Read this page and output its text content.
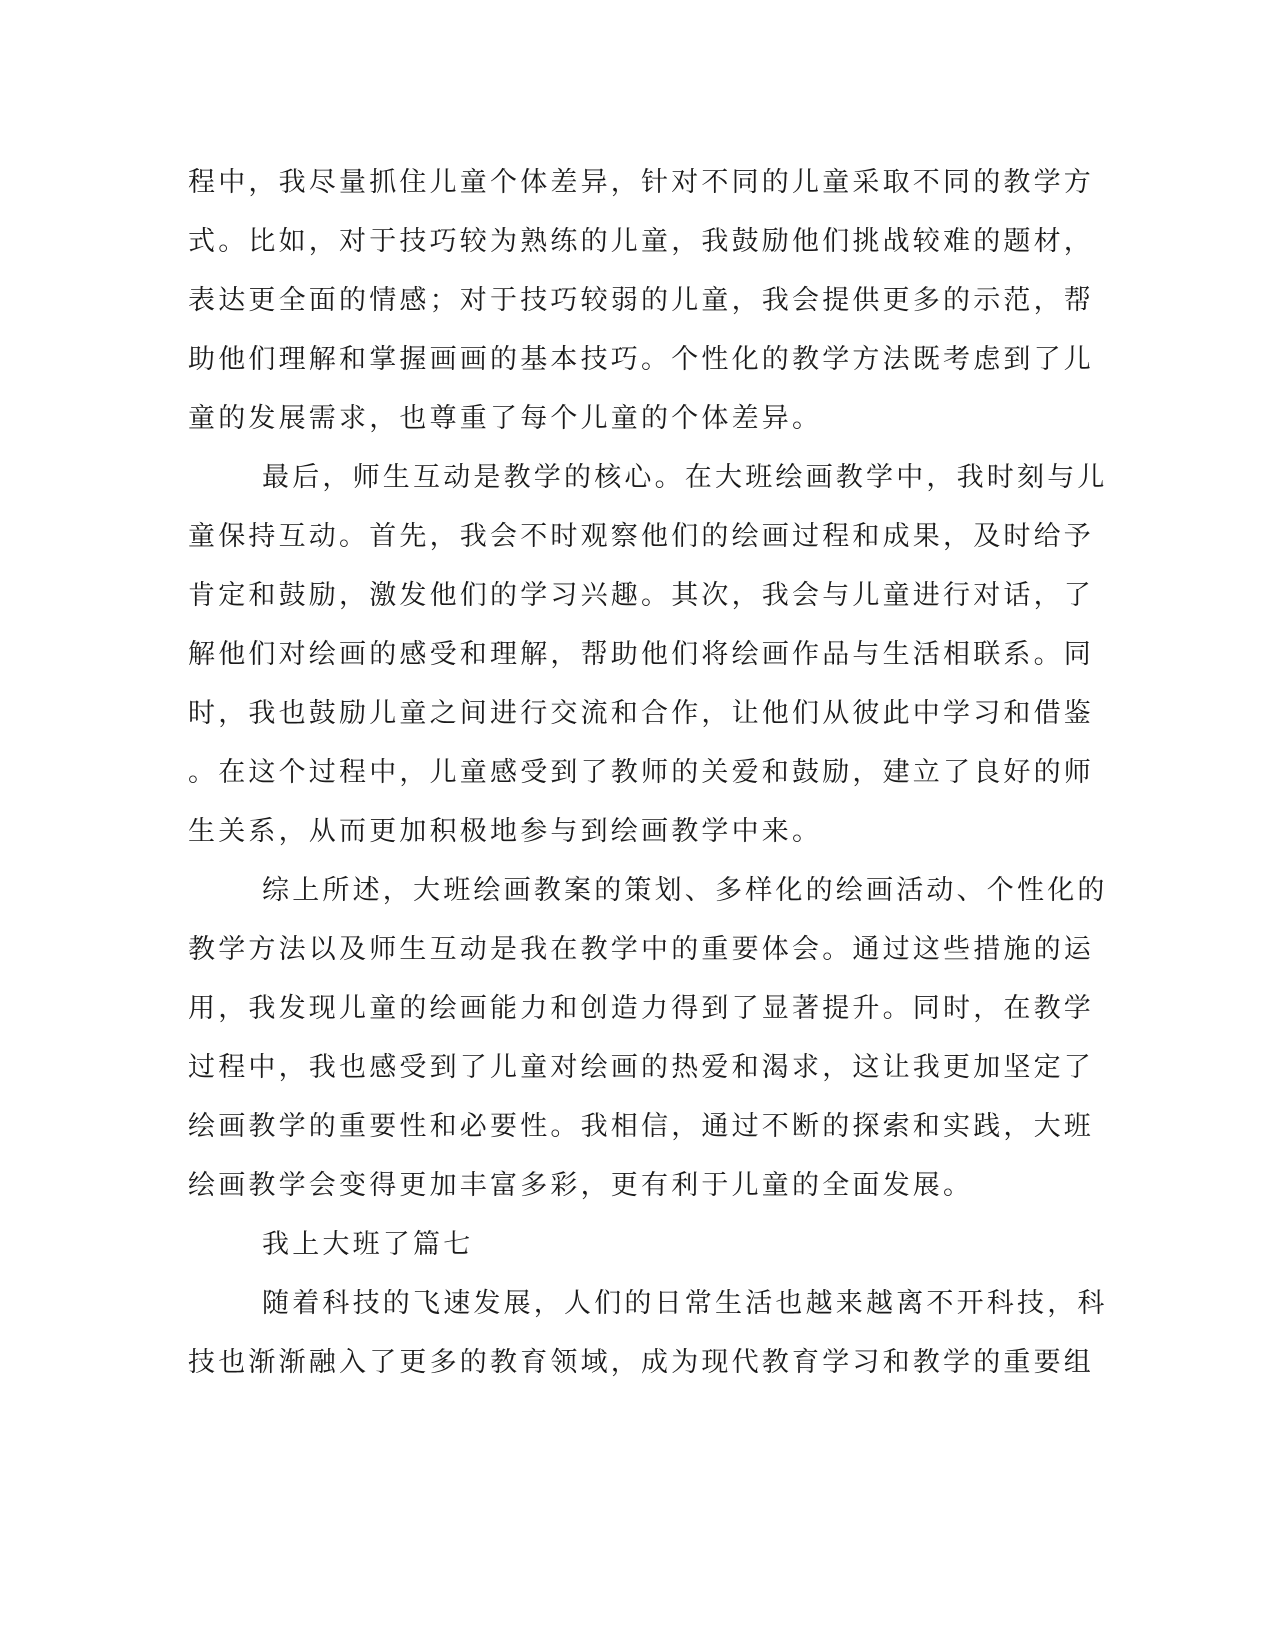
程中，我尽量抓住儿童个体差异，针对不同的儿童采取不同的教学方

式。比如，对于技巧较为熟练的儿童，我鼓励他们挑战较难的题材，

表达更全面的情感；对于技巧较弱的儿童，我会提供更多的示范，帮

助他们理解和掌握画画的基本技巧。个性化的教学方法既考虑到了儿

童的发展需求，也尊重了每个儿童的个体差异。

最后，师生互动是教学的核心。在大班绘画教学中，我时刻与儿

童保持互动。首先，我会不时观察他们的绘画过程和成果，及时给予

肯定和鼓励，激发他们的学习兴趣。其次，我会与儿童进行对话，了

解他们对绘画的感受和理解，帮助他们将绘画作品与生活相联系。同

时，我也鼓励儿童之间进行交流和合作，让他们从彼此中学习和借鉴

。在这个过程中，儿童感受到了教师的关爱和鼓励，建立了良好的师

生关系，从而更加积极地参与到绘画教学中来。

综上所述，大班绘画教案的策划、多样化的绘画活动、个性化的

教学方法以及师生互动是我在教学中的重要体会。通过这些措施的运

用，我发现儿童的绘画能力和创造力得到了显著提升。同时，在教学

过程中，我也感受到了儿童对绘画的热爱和渴求，这让我更加坚定了

绘画教学的重要性和必要性。我相信，通过不断的探索和实践，大班

绘画教学会变得更加丰富多彩，更有利于儿童的全面发展。

我上大班了篇七

随着科技的飞速发展，人们的日常生活也越来越离不开科技，科

技也渐渐融入了更多的教育领域，成为现代教育学习和教学的重要组
